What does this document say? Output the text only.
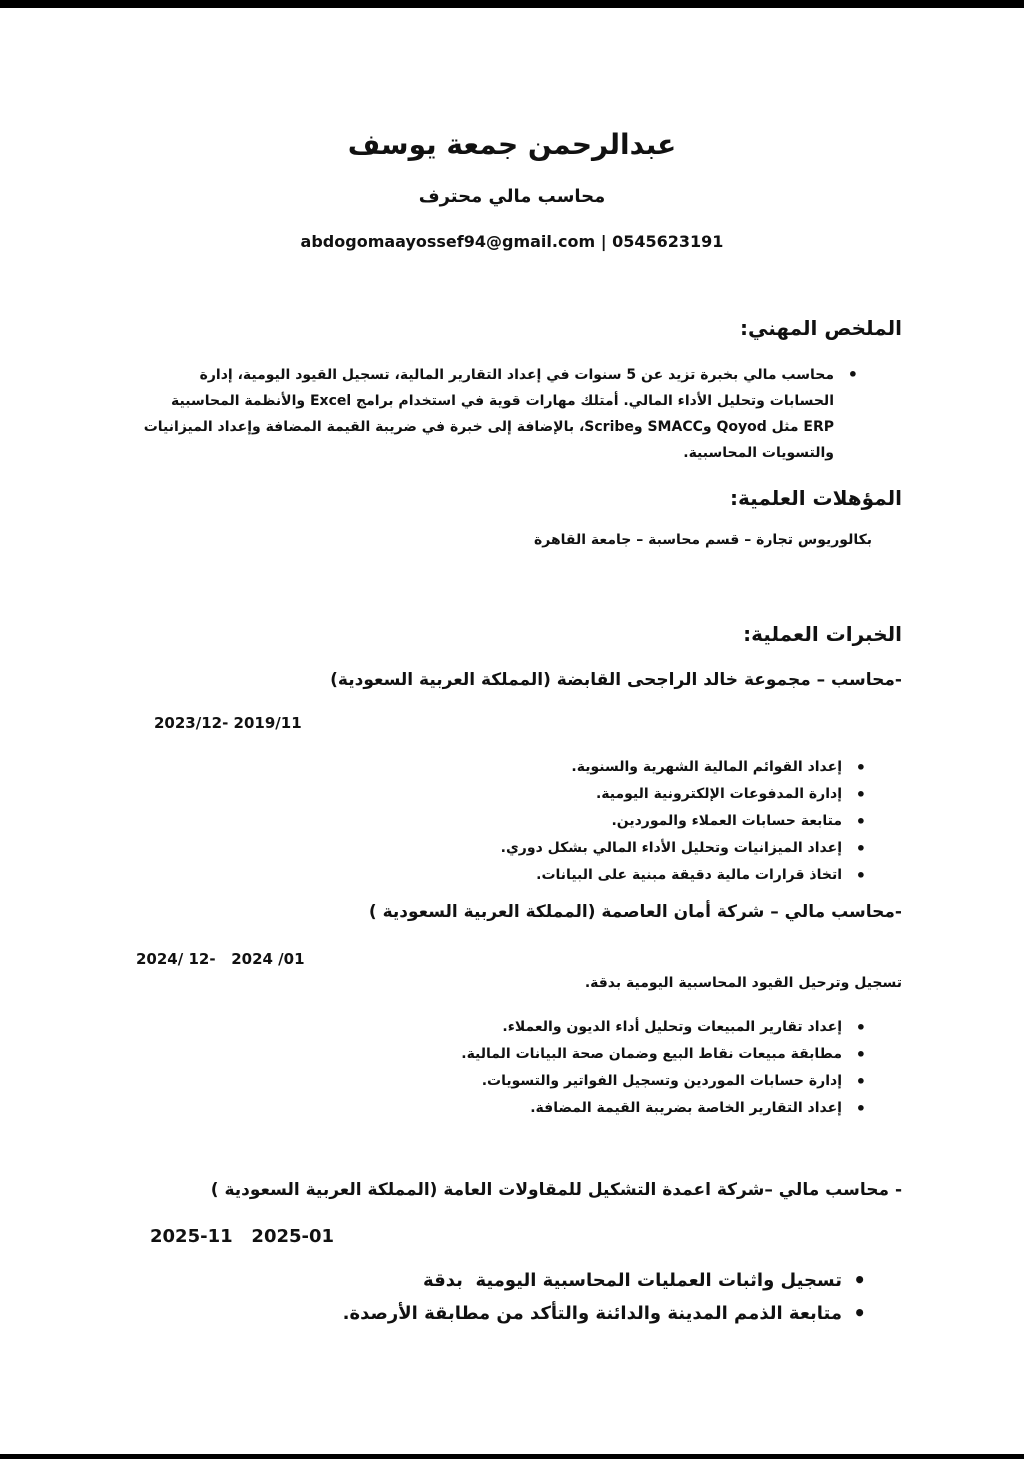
عبدالرحمن جمعة يوسف
محاسب مالي محترف
abdogomaayossef94@gmail.com | 0545623191
الملخص المهني:
• محاسب مالي بخبرة تزيد عن 5 سنوات في إعداد التقارير المالية، تسجيل القيود اليومية، إدارة الحسابات وتحليل الأداء المالي. أمتلك مهارات قوية في استخدام برامج Excel والأنظمة المحاسبية ERP مثل Qoyod وSMACC وScribe، بالإضافة إلى خبرة في ضريبة القيمة المضافة وإعداد الميزانيات والتسويات المحاسبية.
المؤهلات العلمية:
بكالوريوس تجارة – قسم محاسبة – جامعة القاهرة
الخبرات العملية:
-محاسب – مجموعة خالد الراجحى القابضة (المملكة العربية السعودية)
2023/12- 2019/11
• إعداد القوائم المالية الشهرية والسنوية.
• إدارة المدفوعات الإلكترونية اليومية.
• متابعة حسابات العملاء والموردين.
• إعداد الميزانيات وتحليل الأداء المالي بشكل دوري.
• اتخاذ قرارات مالية دقيقة مبنية على البيانات.
-محاسب مالي – شركة أمان العاصمة (المملكة العربية السعودية )
2024/ 12-   2024 /01
تسجيل وترحيل القيود المحاسبية اليومية بدقة.
• إعداد تقارير المبيعات وتحليل أداء الديون والعملاء.
• مطابقة مبيعات نقاط البيع وضمان صحة البيانات المالية.
• إدارة حسابات الموردين وتسجيل الفواتير والتسويات.
• إعداد التقارير الخاصة بضريبة القيمة المضافة.
- محاسب مالي –شركة اعمدة التشكيل للمقاولات العامة (المملكة العربية السعودية )
2025-11   2025-01
• تسجيل واثبات العمليات المحاسبية اليومية  بدقة
• متابعة الذمم المدينة والدائنة والتأكد من مطابقة الأرصدة.
